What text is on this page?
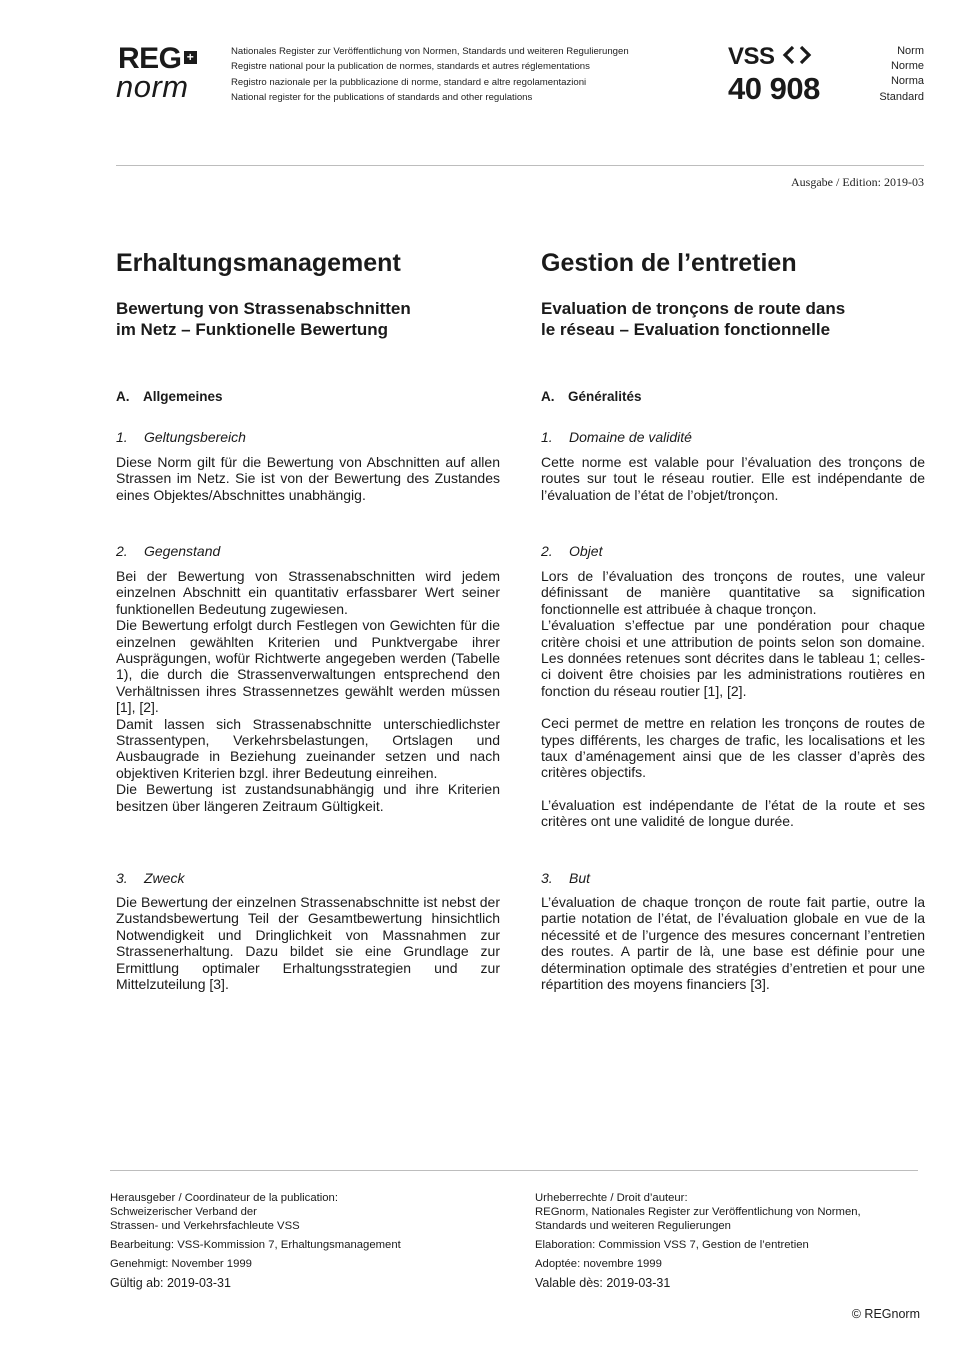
REG +
norm
Nationales Register zur Veröffentlichung von Normen, Standards und weiteren Regulierungen
Registre national pour la publication de normes, standards et autres réglementations
Registro nazionale per la pubblicazione di norme, standard e altre regolamentazioni
National register for the publications of standards and other regulations
VSS
40 908
Norm
Norme
Norma
Standard
Ausgabe / Edition: 2019-03
Erhaltungsmanagement
Bewertung von Strassenabschnitten
im Netz – Funktionelle Bewertung
A. Allgemeines
1. Geltungsbereich

Diese Norm gilt für die Bewertung von Abschnitten auf allen Strassen im Netz. Sie ist von der Bewertung des Zustandes eines Objektes/Abschnittes unabhängig.

2. Gegenstand

Bei der Bewertung von Strassenabschnitten wird jedem einzelnen Abschnitt ein quantitativ erfassbarer Wert seiner funktionellen Bedeutung zugewiesen.

Die Bewertung erfolgt durch Festlegen von Gewichten für die einzelnen gewählten Kriterien und Punktvergabe ihrer Ausprägungen, wofür Richtwerte angegeben werden (Tabelle 1), die durch die Strassenverwaltungen entsprechend den Verhältnissen ihres Strassennetzes gewählt werden müssen [1], [2].

Damit lassen sich Strassenabschnitte unterschiedlichster Strassentypen, Verkehrsbelastungen, Ortslagen und Ausbaugrade in Beziehung zueinander setzen und nach objektiven Kriterien bzgl. ihrer Bedeutung einreihen.

Die Bewertung ist zustandsunabhängig und ihre Kriterien besitzen über längeren Zeitraum Gültigkeit.

3. Zweck

Die Bewertung der einzelnen Strassenabschnitte ist nebst der Zustandsbewertung Teil der Gesamtbewertung hinsichtlich Notwendigkeit und Dringlichkeit von Massnahmen zur Strassenerhaltung. Dazu bildet sie eine Grundlage zur Ermittlung optimaler Erhaltungsstrategien und zur Mittelzuteilung [3].

Gestion de l’entretien
Evaluation de tronçons de route dans
le réseau – Evaluation fonctionnelle
A. Généralités
1. Domaine de validité

Cette norme est valable pour l’évaluation des tronçons de routes sur tout le réseau routier. Elle est indépendante de l’évaluation de l’état de l’objet/tronçon.

2. Objet

Lors de l’évaluation des tronçons de routes, une valeur définissant de manière quantitative sa signification fonctionnelle est attribuée à chaque tronçon.

L’évaluation s’effectue par une pondération pour chaque critère choisi et une attribution de points selon son domaine. Les données retenues sont décrites dans le tableau 1; celles-ci doivent être choisies par les administrations routières en fonction du réseau routier [1], [2].

Ceci permet de mettre en relation les tronçons de routes de types différents, les charges de trafic, les localisations et les taux d’aménagement ainsi que de les classer d’après des critères objectifs.

L’évaluation est indépendante de l’état de la route et ses critères ont une validité de longue durée.

3. But

L’évaluation de chaque tronçon de route fait partie, outre la partie notation de l’état, de l’évaluation globale en vue de la nécessité et de l’urgence des mesures concernant l’entretien des routes. A partir de là, une base est définie pour une détermination optimale des stratégies d’entretien et pour une répartition des moyens financiers [3].

Herausgeber / Coordinateur de la publication:

Schweizerischer Verband der

Strassen- und Verkehrsfachleute VSS

Bearbeitung: VSS-Kommission 7, Erhaltungsmanagement

Genehmigt: November 1999

Gültig ab: 2019-03-31

Urheberrechte / Droit d’auteur:

REGnorm, Nationales Register zur Veröffentlichung von Normen,

Standards und weiteren Regulierungen

Elaboration: Commission VSS 7, Gestion de l’entretien

Adoptée: novembre 1999

Valable dès: 2019-03-31

© REGnorm
